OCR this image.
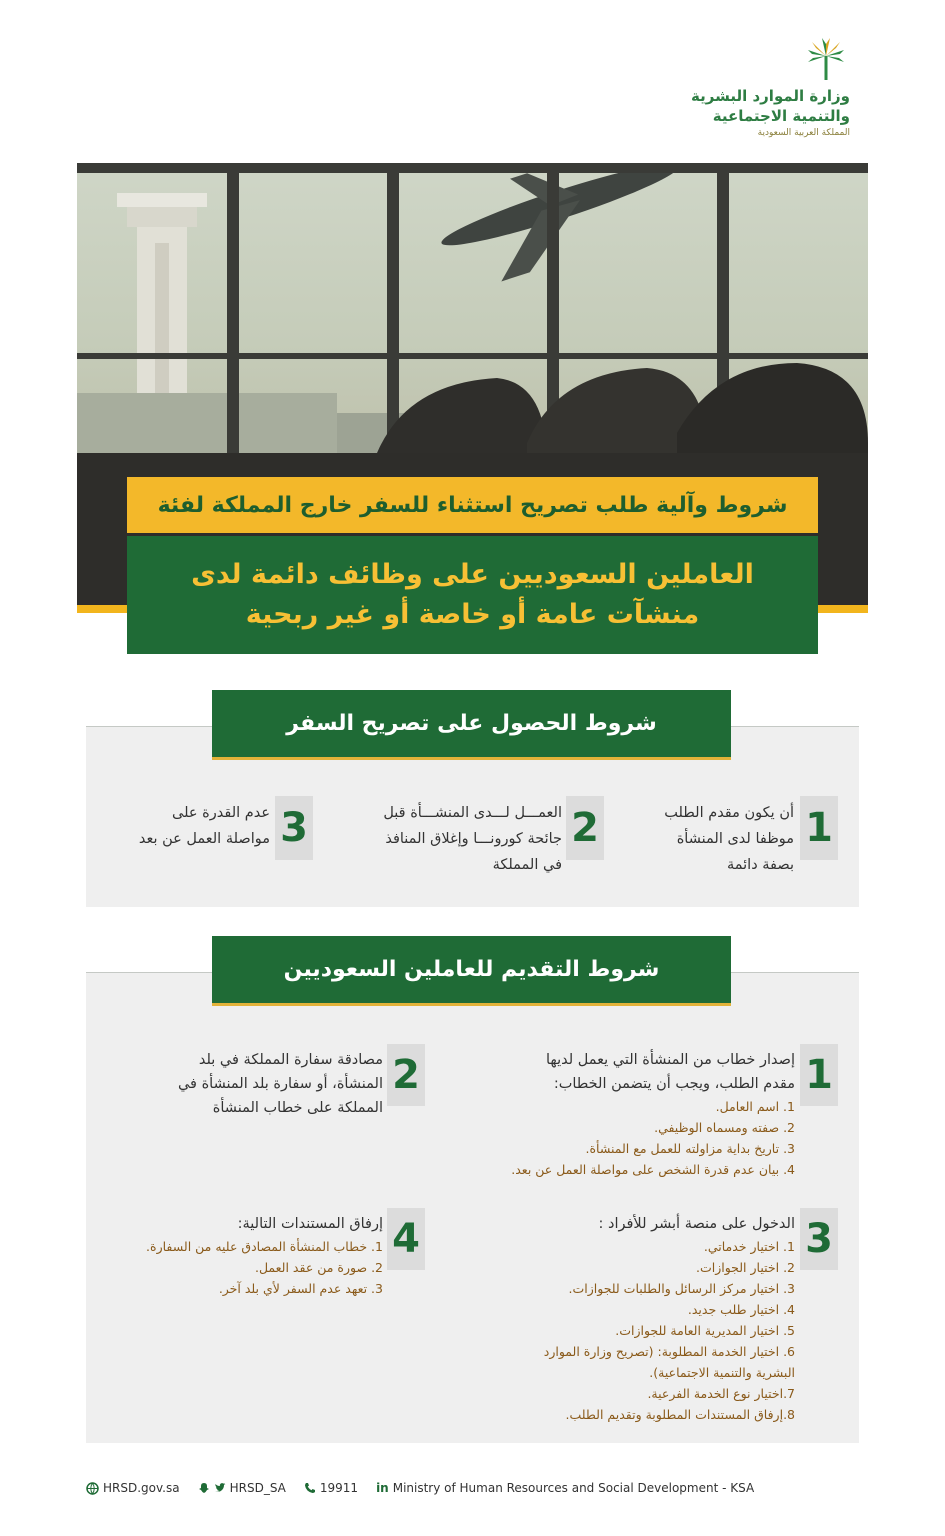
وزارة الموارد البشرية
والتنمية الاجتماعية
المملكة العربية السعودية
شروط وآلية طلب تصريح استثناء للسفر خارج المملكة لفئة
العاملين السعوديين على وظائف دائمة لدى
منشآت عامة أو خاصة أو غير ربحية
شروط الحصول على تصريح السفر
1
أن يكون مقدم الطلب
موظفا لدى المنشأة
بصفة دائمة
2
العمـــل لـــدى المنشـــأة قبل
جائحة كورونـــا وإغلاق المنافذ
في المملكة
3
عدم القدرة على
مواصلة العمل عن بعد
شروط التقديم للعاملين السعوديين
1
إصدار خطاب من المنشأة التي يعمل لديها
مقدم الطلب، ويجب أن يتضمن الخطاب:
1. اسم العامل.
2. صفته ومسماه الوظيفي.
3. تاريخ بداية مزاولته للعمل مع المنشأة.
4. بيان عدم قدرة الشخص على مواصلة العمل عن بعد.
2
مصادقة سفارة المملكة في بلد
المنشأة، أو سفارة بلد المنشأة في
المملكة على خطاب المنشأة
3
الدخول على منصة أبشر للأفراد :
1. اختيار خدماتي.
2. اختيار الجوازات.
3. اختيار مركز الرسائل والطلبات للجوازات.
4. اختيار طلب جديد.
5. اختيار المديرية العامة للجوازات.
6. اختيار الخدمة المطلوبة: (تصريح وزارة الموارد
البشرية والتنمية الاجتماعية).
7.اختيار نوع الخدمة الفرعية.
8.إرفاق المستندات المطلوبة وتقديم الطلب.
4
إرفاق المستندات التالية:
1. خطاب المنشأة المصادق عليه من السفارة.
2. صورة من عقد العمل.
3. تعهد عدم السفر لأي بلد آخر.
HRSD.gov.sa	HRSD_SA	19911 in Ministry of Human Resources and Social Development - KSA
